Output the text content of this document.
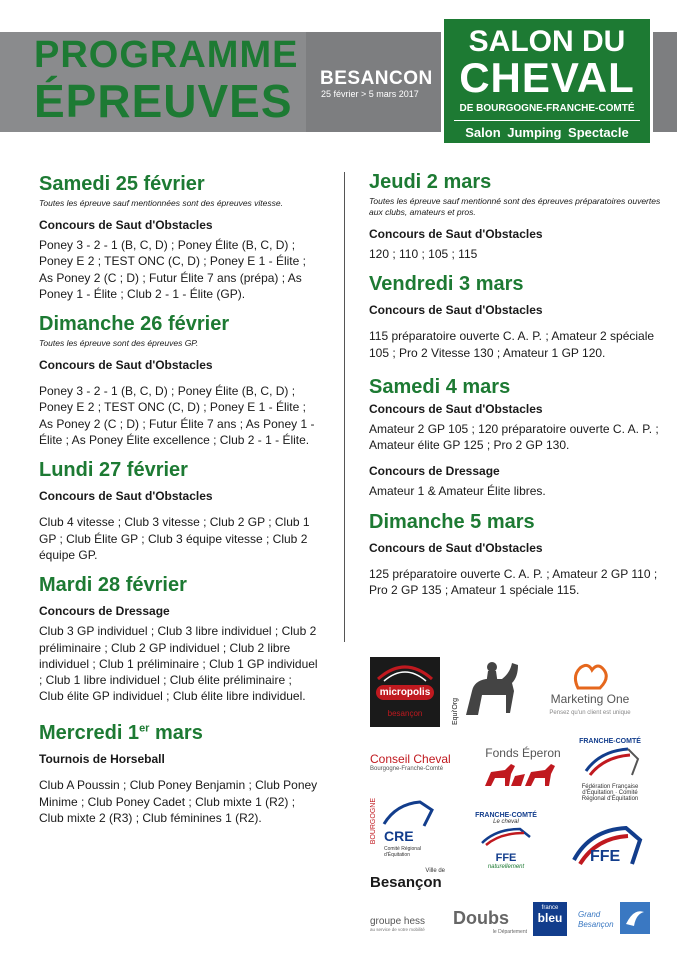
PROGRAMME
ÉPREUVES BESANCON
25 février > 5 mars 2017
SALON DU
CHEVAL
DE BOURGOGNE-FRANCHE-COMTÉ
Salon Jumping Spectacle
Samedi 25 février
Toutes les épreuve sauf mentionnées sont des épreuves vitesse.
Concours de Saut d'Obstacles
Poney 3 - 2 - 1 (B, C, D) ; Poney Élite (B, C, D) ; Poney E 2 ; TEST ONC (C, D) ; Poney E 1 - Élite ; As Poney 2 (C ; D) ; Futur Élite 7 ans (prépa) ; As Poney 1 - Élite ; Club 2 - 1 - Élite (GP).
Dimanche 26 février
Toutes les épreuve sont des épreuves GP.
Concours de Saut d'Obstacles
Poney 3 - 2 - 1 (B, C, D) ; Poney Élite (B, C, D) ; Poney E 2 ; TEST ONC (C, D) ; Poney E 1 - Élite ; As Poney 2 (C ; D) ; Futur Élite 7 ans ; As Poney 1 - Élite ; As Poney Élite excellence ; Club 2 - 1 - Élite.
Lundi 27 février
Concours de Saut d'Obstacles
Club 4 vitesse ; Club 3 vitesse ; Club 2 GP ; Club 1 GP ; Club Élite GP ; Club 3 équipe vitesse ; Club 2 équipe GP.
Mardi 28 février
Concours de Dressage
Club 3 GP individuel ; Club 3 libre individuel ; Club 2 préliminaire ; Club 2 GP individuel ; Club 2 libre individuel ; Club 1 préliminaire ; Club 1 GP individuel ; Club 1 libre individuel ; Club élite préliminaire ; Club élite GP individuel ; Club élite libre individuel.
Mercredi 1er mars
Tournois de Horseball
Club A Poussin ; Club Poney Benjamin ; Club Poney Minime ; Club Poney Cadet ; Club mixte 1 (R2) ; Club mixte 2 (R3) ; Club féminines 1 (R2).
Jeudi 2 mars
Toutes les épreuve sauf mentionné sont des épreuves préparatoires ouvertes aux clubs, amateurs et pros.
Concours de Saut d'Obstacles
120 ; 110 ; 105 ; 115
Vendredi 3 mars
Concours de Saut d'Obstacles
115 préparatoire ouverte C. A. P. ; Amateur 2 spéciale 105 ; Pro 2 Vitesse 130 ; Amateur 1 GP 120.
Samedi 4 mars
Concours de Saut d'Obstacles
Amateur 2 GP 105 ; 120 préparatoire ouverte C. A. P. ; Amateur élite GP 125 ; Pro 2 GP 130.
Concours de Dressage
Amateur 1 & Amateur Élite libres.
Dimanche 5 mars
Concours de Saut d'Obstacles
125 préparatoire ouverte C. A. P. ; Amateur 2 GP 110 ; Pro 2 GP 135 ; Amateur 1 spéciale 115.
micropolis
besançon	Equi'Org	Marketing One
Pensez qu'un client est unique
Conseil Cheval
Bourgogne-Franche-Comté
Fonds Éperon
FRANCHE-COMTÉ
Fédération Française d'Équitation · Comité Régional d'Équitation
BOURGOGNE CRE
Comité Régional d'Équitation
FRANCHE-COMTÉ
Le cheval
FFE
naturellement
FFE
Ville de
Besançon
groupe hess
au service de votre mobilité
Doubs
le Département
france
bleu	Grand
Besançon
